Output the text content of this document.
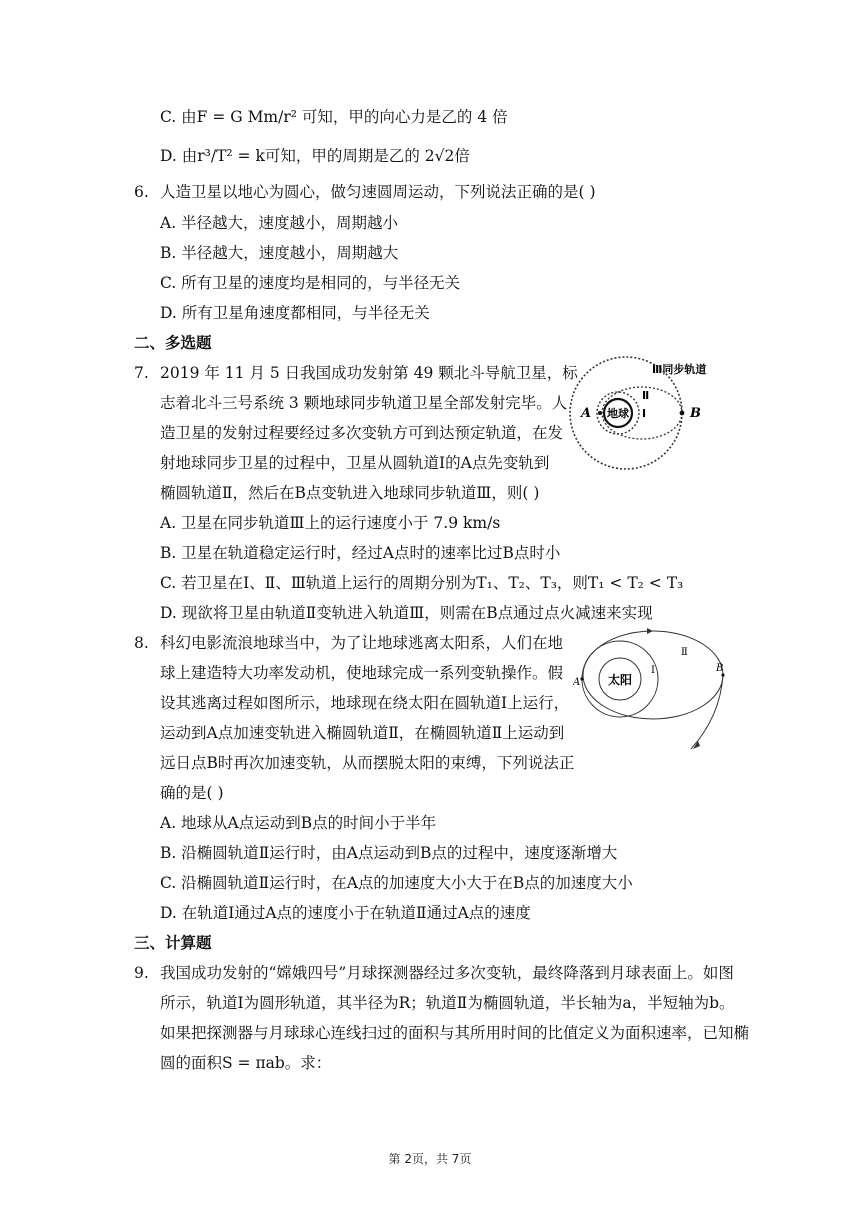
C. 由F = G Mm/r² 可知，甲的向心力是乙的 4 倍
D. 由r³/T² = k可知，甲的周期是乙的 2√2倍
6. 人造卫星以地心为圆心，做匀速圆周运动，下列说法正确的是( )
A. 半径越大，速度越小，周期越小
B. 半径越大，速度越小，周期越大
C. 所有卫星的速度均是相同的，与半径无关
D. 所有卫星角速度都相同，与半径无关
二、多选题
7. 2019 年 11 月 5 日我国成功发射第 49 颗北斗导航卫星，标
志着北斗三号系统 3 颗地球同步轨道卫星全部发射完毕。人
造卫星的发射过程要经过多次变轨方可到达预定轨道，在发
射地球同步卫星的过程中，卫星从圆轨道Ⅰ的A点先变轨到
椭圆轨道Ⅱ，然后在B点变轨进入地球同步轨道Ⅲ，则( )
A. 卫星在同步轨道Ⅲ上的运行速度小于 7.9 km/s
B. 卫星在轨道稳定运行时，经过A点时的速率比过B点时小
C. 若卫星在Ⅰ、Ⅱ、Ⅲ轨道上运行的周期分别为T₁、T₂、T₃，则T₁ < T₂ < T₃
D. 现欲将卫星由轨道Ⅱ变轨进入轨道Ⅲ，则需在B点通过点火减速来实现
地球
Ⅲ同步轨道
Ⅱ
Ⅰ
A	B
8. 科幻电影流浪地球当中，为了让地球逃离太阳系，人们在地
球上建造特大功率发动机，使地球完成一系列变轨操作。假
设其逃离过程如图所示，地球现在绕太阳在圆轨道Ⅰ上运行，
运动到A点加速变轨进入椭圆轨道Ⅱ，在椭圆轨道Ⅱ上运动到
远日点B时再次加速变轨，从而摆脱太阳的束缚，下列说法正
确的是( )
A. 地球从A点运动到B点的时间小于半年
B. 沿椭圆轨道Ⅱ运行时，由A点运动到B点的过程中，速度逐渐增大
C. 沿椭圆轨道Ⅱ运行时，在A点的加速度大小大于在B点的加速度大小
D. 在轨道Ⅰ通过A点的速度小于在轨道Ⅱ通过A点的速度
太阳
A
B
Ⅰ
Ⅱ
三、计算题
9. 我国成功发射的“嫦娥四号”月球探测器经过多次变轨，最终降落到月球表面上。如图
所示，轨道Ⅰ为圆形轨道，其半径为R；轨道Ⅱ为椭圆轨道，半长轴为a，半短轴为b。
如果把探测器与月球球心连线扫过的面积与其所用时间的比值定义为面积速率，已知椭
圆的面积S = πab。求：
第 2页，共 7页
